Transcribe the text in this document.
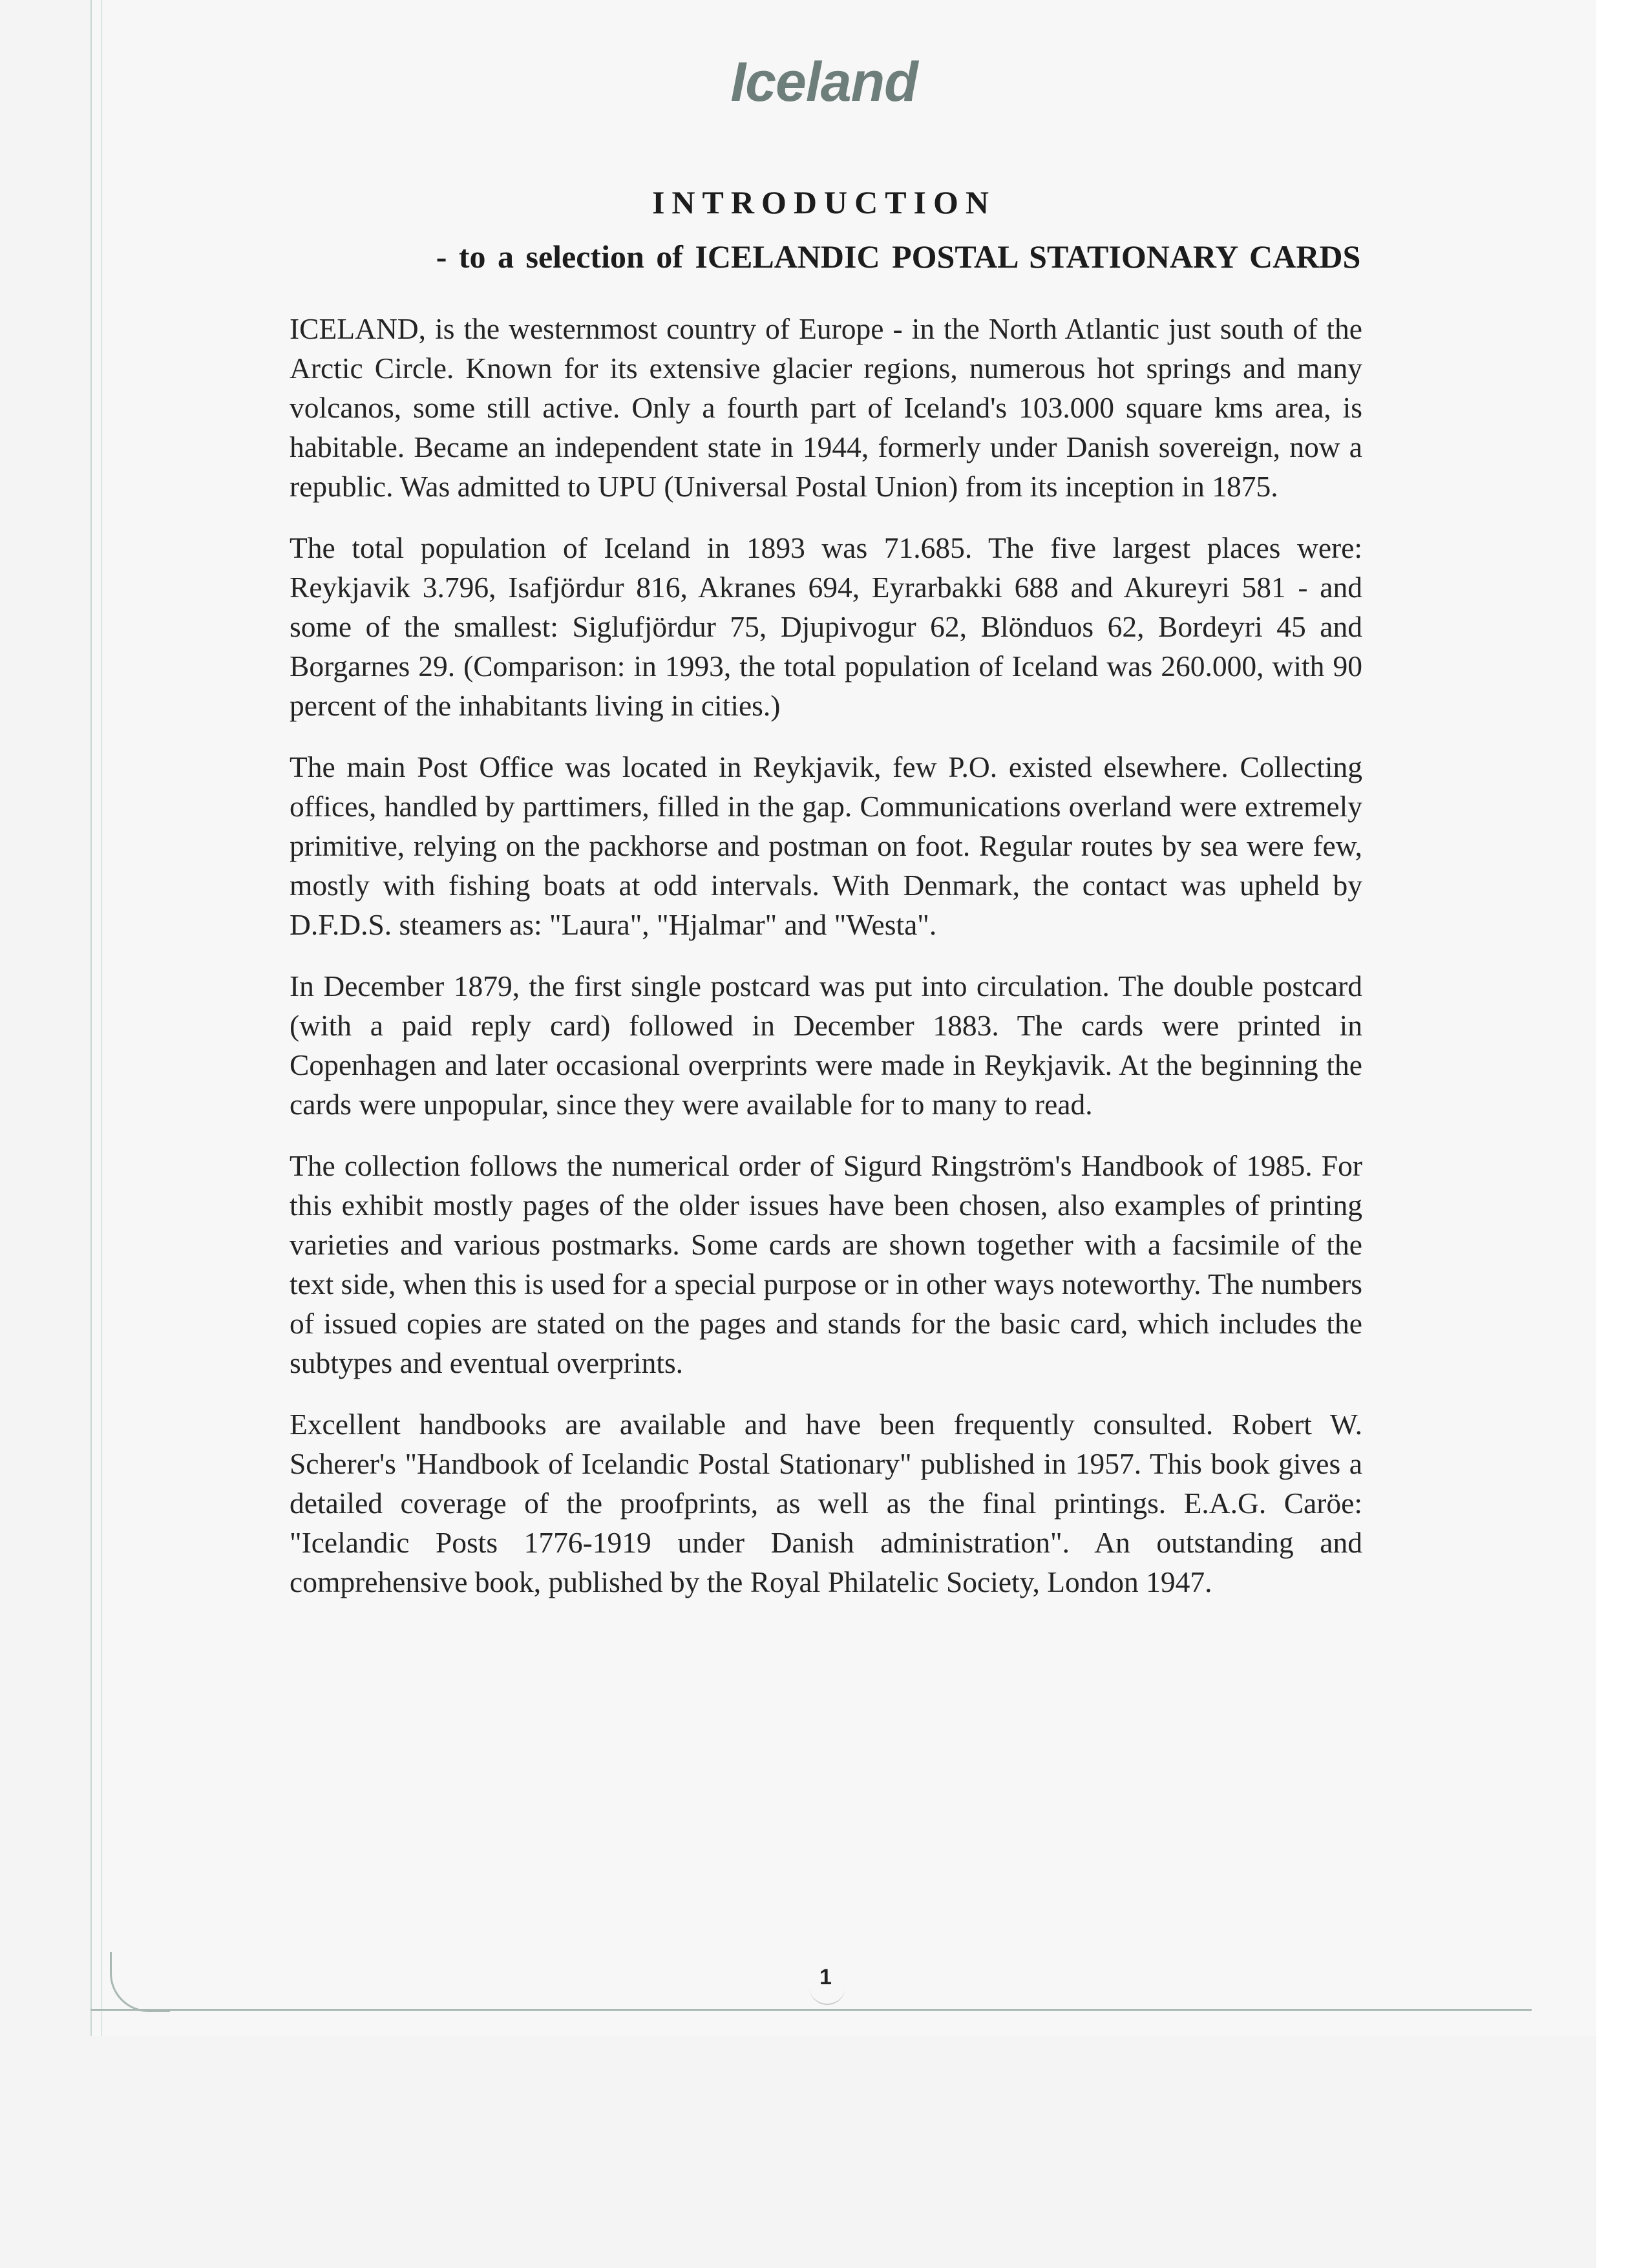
Iceland
INTRODUCTION
- to a selection of ICELANDIC POSTAL STATIONARY CARDS

ICELAND, is the westernmost country of Europe - in the North Atlantic just south of the Arctic Circle. Known for its extensive glacier regions, numerous hot springs and many volcanos, some still active. Only a fourth part of Iceland's 103.000 square kms area, is habitable. Became an independent state in 1944, formerly under Danish sovereign, now a republic. Was admitted to UPU (Universal Postal Union) from its inception in 1875.

The total population of Iceland in 1893 was 71.685. The five largest places were: Reykjavik 3.796, Isafjördur 816, Akranes 694, Eyrarbakki 688 and Akureyri 581 - and some of the smallest: Siglufjördur 75, Djupivogur 62, Blönduos 62, Bordeyri 45 and Borgarnes 29. (Comparison: in 1993, the total population of Iceland was 260.000, with 90 percent of the inhabitants living in cities.)

The main Post Office was located in Reykjavik, few P.O. existed elsewhere. Collecting offices, handled by parttimers, filled in the gap. Communications overland were extremely primitive, relying on the packhorse and postman on foot. Regular routes by sea were few, mostly with fishing boats at odd intervals. With Denmark, the contact was upheld by D.F.D.S. steamers as: "Laura", "Hjalmar" and "Westa".

In December 1879, the first single postcard was put into circulation. The double postcard (with a paid reply card) followed in December 1883. The cards were printed in Copenhagen and later occasional overprints were made in Reykjavik. At the beginning the cards were unpopular, since they were available for to many to read.

The collection follows the numerical order of Sigurd Ringström's Handbook of 1985. For this exhibit mostly pages of the older issues have been chosen, also examples of printing varieties and various postmarks. Some cards are shown together with a facsimile of the text side, when this is used for a special purpose or in other ways noteworthy. The numbers of issued copies are stated on the pages and stands for the basic card, which includes the subtypes and eventual overprints.

Excellent handbooks are available and have been frequently consulted. Robert W. Scherer's "Handbook of Icelandic Postal Stationary" published in 1957. This book gives a detailed coverage of the proofprints, as well as the final printings. E.A.G. Caröe: "Icelandic Posts 1776-1919 under Danish administration". An outstanding and comprehensive book, published by the Royal Philatelic Society, London 1947.

1
